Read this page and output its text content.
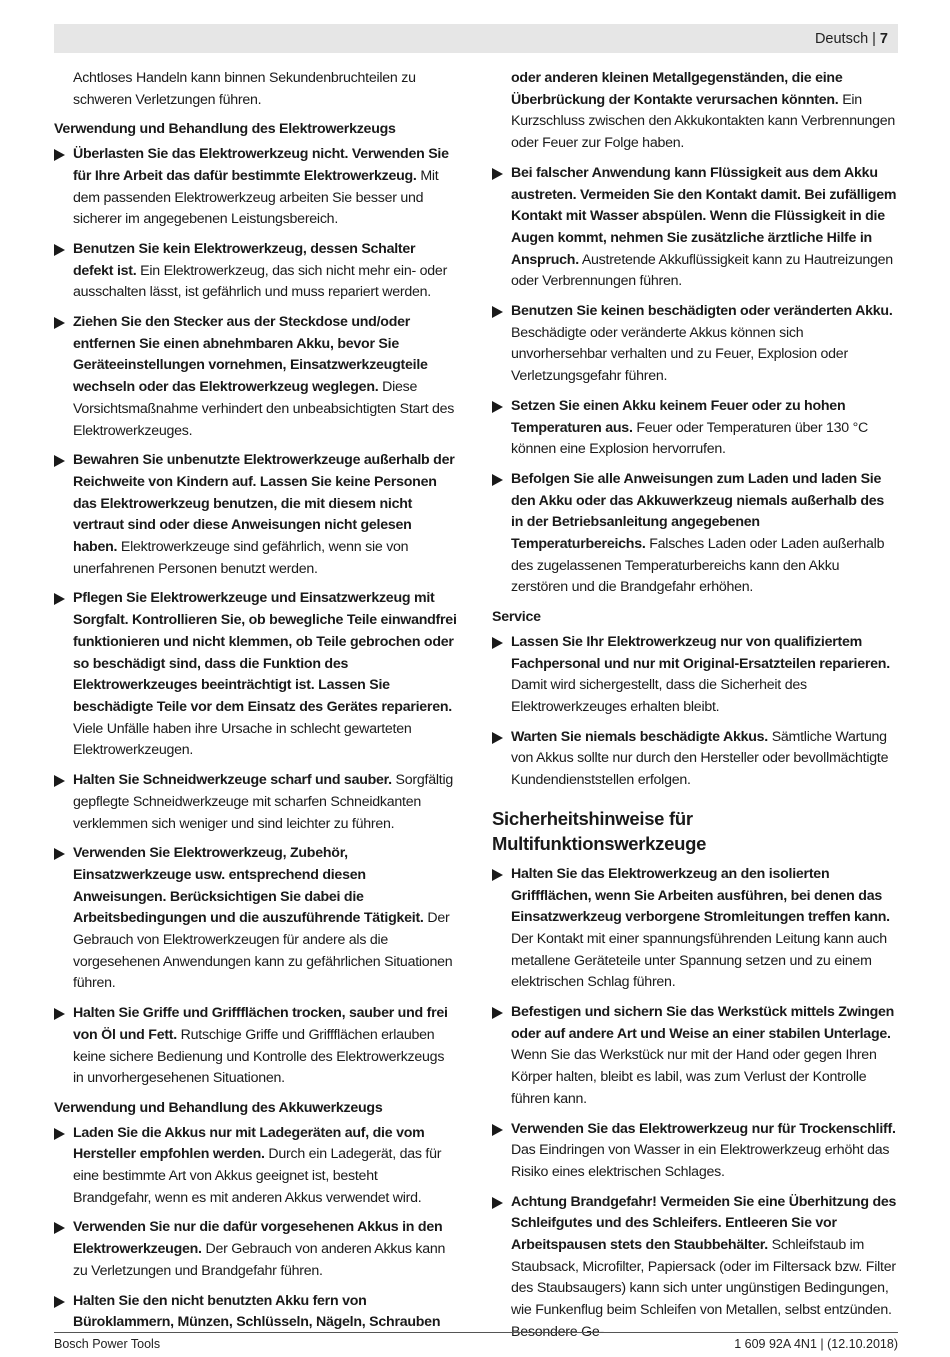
Deutsch | 7

Achtloses Handeln kann binnen Sekundenbruchteilen zu schweren Verletzungen führen.

Verwendung und Behandlung des Elektrowerkzeugs

Überlasten Sie das Elektrowerkzeug nicht. Verwenden Sie für Ihre Arbeit das dafür bestimmte Elektrowerkzeug. Mit dem passenden Elektrowerkzeug arbeiten Sie besser und sicherer im angegebenen Leistungsbereich.
Benutzen Sie kein Elektrowerkzeug, dessen Schalter defekt ist. Ein Elektrowerkzeug, das sich nicht mehr ein- oder ausschalten lässt, ist gefährlich und muss repariert werden.
Ziehen Sie den Stecker aus der Steckdose und/oder entfernen Sie einen abnehmbaren Akku, bevor Sie Geräteeinstellungen vornehmen, Einsatzwerkzeugteile wechseln oder das Elektrowerkzeug weglegen. Diese Vorsichtsmaßnahme verhindert den unbeabsichtigten Start des Elektrowerkzeuges.
Bewahren Sie unbenutzte Elektrowerkzeuge außerhalb der Reichweite von Kindern auf. Lassen Sie keine Personen das Elektrowerkzeug benutzen, die mit diesem nicht vertraut sind oder diese Anweisungen nicht gelesen haben. Elektrowerkzeuge sind gefährlich, wenn sie von unerfahrenen Personen benutzt werden.
Pflegen Sie Elektrowerkzeuge und Einsatzwerkzeug mit Sorgfalt. Kontrollieren Sie, ob bewegliche Teile einwandfrei funktionieren und nicht klemmen, ob Teile gebrochen oder so beschädigt sind, dass die Funktion des Elektrowerkzeuges beeinträchtigt ist. Lassen Sie beschädigte Teile vor dem Einsatz des Gerätes reparieren. Viele Unfälle haben ihre Ursache in schlecht gewarteten Elektrowerkzeugen.
Halten Sie Schneidwerkzeuge scharf und sauber. Sorgfältig gepflegte Schneidwerkzeuge mit scharfen Schneidkanten verklemmen sich weniger und sind leichter zu führen.
Verwenden Sie Elektrowerkzeug, Zubehör, Einsatzwerkzeuge usw. entsprechend diesen Anweisungen. Berücksichtigen Sie dabei die Arbeitsbedingungen und die auszuführende Tätigkeit. Der Gebrauch von Elektrowerkzeugen für andere als die vorgesehenen Anwendungen kann zu gefährlichen Situationen führen.
Halten Sie Griffe und Griffflächen trocken, sauber und frei von Öl und Fett. Rutschige Griffe und Griffflächen erlauben keine sichere Bedienung und Kontrolle des Elektrowerkzeugs in unvorhergesehenen Situationen.

Verwendung und Behandlung des Akkuwerkzeugs

Laden Sie die Akkus nur mit Ladegeräten auf, die vom Hersteller empfohlen werden. Durch ein Ladegerät, das für eine bestimmte Art von Akkus geeignet ist, besteht Brandgefahr, wenn es mit anderen Akkus verwendet wird.
Verwenden Sie nur die dafür vorgesehenen Akkus in den Elektrowerkzeugen. Der Gebrauch von anderen Akkus kann zu Verletzungen und Brandgefahr führen.
Halten Sie den nicht benutzten Akku fern von Büroklammern, Münzen, Schlüsseln, Nägeln, Schrauben

oder anderen kleinen Metallgegenständen, die eine Überbrückung der Kontakte verursachen könnten. Ein Kurzschluss zwischen den Akkukontakten kann Verbrennungen oder Feuer zur Folge haben.

Bei falscher Anwendung kann Flüssigkeit aus dem Akku austreten. Vermeiden Sie den Kontakt damit. Bei zufälligem Kontakt mit Wasser abspülen. Wenn die Flüssigkeit in die Augen kommt, nehmen Sie zusätzliche ärztliche Hilfe in Anspruch. Austretende Akkuflüssigkeit kann zu Hautreizungen oder Verbrennungen führen.
Benutzen Sie keinen beschädigten oder veränderten Akku. Beschädigte oder veränderte Akkus können sich unvorhersehbar verhalten und zu Feuer, Explosion oder Verletzungsgefahr führen.
Setzen Sie einen Akku keinem Feuer oder zu hohen Temperaturen aus. Feuer oder Temperaturen über 130 °C können eine Explosion hervorrufen.
Befolgen Sie alle Anweisungen zum Laden und laden Sie den Akku oder das Akkuwerkzeug niemals außerhalb des in der Betriebsanleitung angegebenen Temperaturbereichs. Falsches Laden oder Laden außerhalb des zugelassenen Temperaturbereichs kann den Akku zerstören und die Brandgefahr erhöhen.

Service

Lassen Sie Ihr Elektrowerkzeug nur von qualifiziertem Fachpersonal und nur mit Original-Ersatzteilen reparieren. Damit wird sichergestellt, dass die Sicherheit des Elektrowerkzeuges erhalten bleibt.
Warten Sie niemals beschädigte Akkus. Sämtliche Wartung von Akkus sollte nur durch den Hersteller oder bevollmächtigte Kundendienststellen erfolgen.
Sicherheitshinweise für
Multifunktionswerkzeuge
Halten Sie das Elektrowerkzeug an den isolierten Griffflächen, wenn Sie Arbeiten ausführen, bei denen das Einsatzwerkzeug verborgene Stromleitungen treffen kann. Der Kontakt mit einer spannungsführenden Leitung kann auch metallene Geräteteile unter Spannung setzen und zu einem elektrischen Schlag führen.
Befestigen und sichern Sie das Werkstück mittels Zwingen oder auf andere Art und Weise an einer stabilen Unterlage. Wenn Sie das Werkstück nur mit der Hand oder gegen Ihren Körper halten, bleibt es labil, was zum Verlust der Kontrolle führen kann.
Verwenden Sie das Elektrowerkzeug nur für Trockenschliff. Das Eindringen von Wasser in ein Elektrowerkzeug erhöht das Risiko eines elektrischen Schlages.
Achtung Brandgefahr! Vermeiden Sie eine Überhitzung des Schleifgutes und des Schleifers. Entleeren Sie vor Arbeitspausen stets den Staubbehälter. Schleifstaub im Staubsack, Microfilter, Papiersack (oder im Filtersack bzw. Filter des Staubsaugers) kann sich unter ungünstigen Bedingungen, wie Funkenflug beim Schleifen von Metallen, selbst entzünden. Besondere Ge-
Bosch Power Tools	1 609 92A 4N1 | (12.10.2018)
